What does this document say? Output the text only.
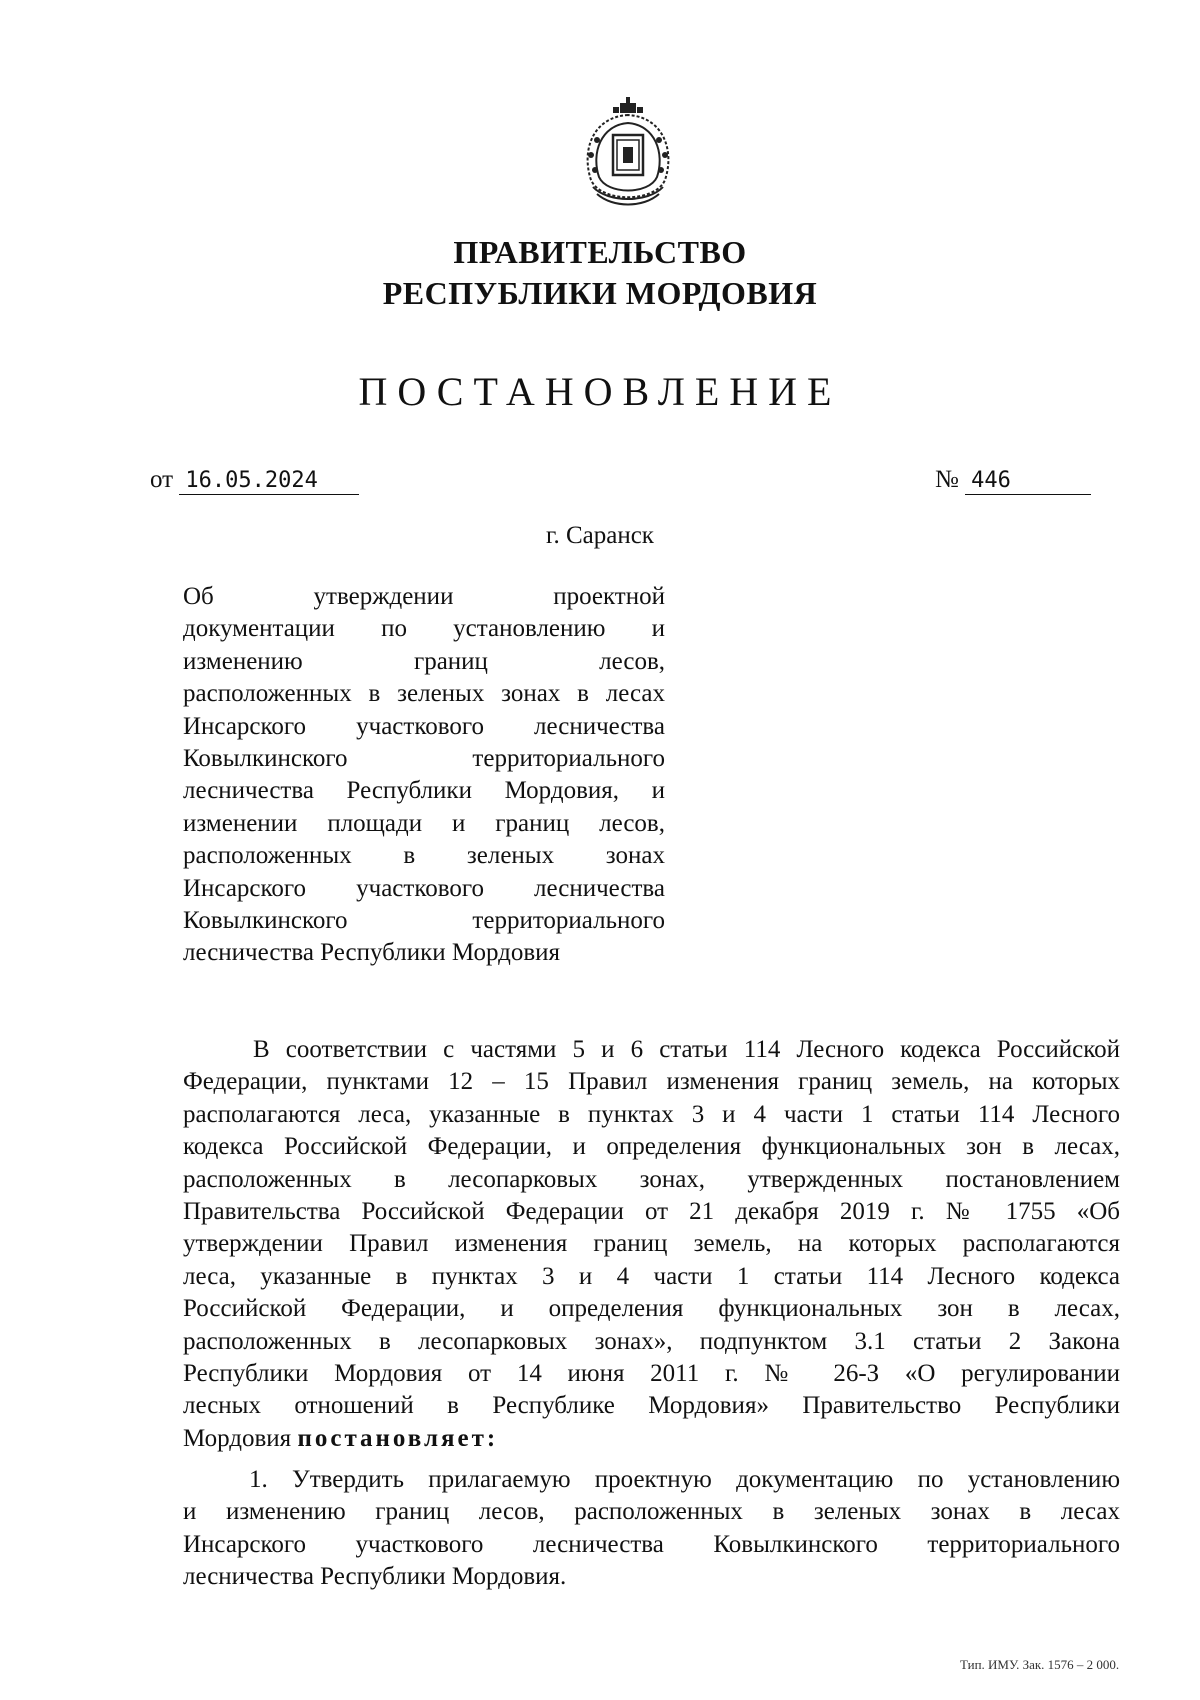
ПРАВИТЕЛЬСТВО
РЕСПУБЛИКИ МОРДОВИЯ
ПОСТАНОВЛЕНИЕ
от 16.05.2024	№ 446
г. Саранск
Об утверждении проектной
документации по установлению и
изменению границ лесов,
расположенных в зеленых зонах в лесах
Инсарского участкового лесничества
Ковылкинского территориального
лесничества Республики Мордовия, и
изменении площади и границ лесов,
расположенных в зеленых зонах
Инсарского участкового лесничества
Ковылкинского территориального
лесничества Республики Мордовия
В соответствии с частями 5 и 6 статьи 114 Лесного кодекса Российской
Федерации, пунктами 12 – 15 Правил изменения границ земель, на которых
располагаются леса, указанные в пунктах 3 и 4 части 1 статьи 114 Лесного
кодекса Российской Федерации, и определения функциональных зон в лесах,
расположенных в лесопарковых зонах, утвержденных постановлением
Правительства Российской Федерации от 21 декабря 2019 г. № 1755 «Об
утверждении Правил изменения границ земель, на которых располагаются
леса, указанные в пунктах 3 и 4 части 1 статьи 114 Лесного кодекса
Российской Федерации, и определения функциональных зон в лесах,
расположенных в лесопарковых зонах», подпунктом 3.1 статьи 2 Закона
Республики Мордовия от 14 июня 2011 г. № 26-З «О регулировании
лесных отношений в Республике Мордовия» Правительство Республики
Мордовия постановляет:
1. Утвердить прилагаемую проектную документацию по установлению
и изменению границ лесов, расположенных в зеленых зонах в лесах
Инсарского участкового лесничества Ковылкинского территориального
лесничества Республики Мордовия.
Тип. ИМУ. Зак. 1576 – 2 000.
